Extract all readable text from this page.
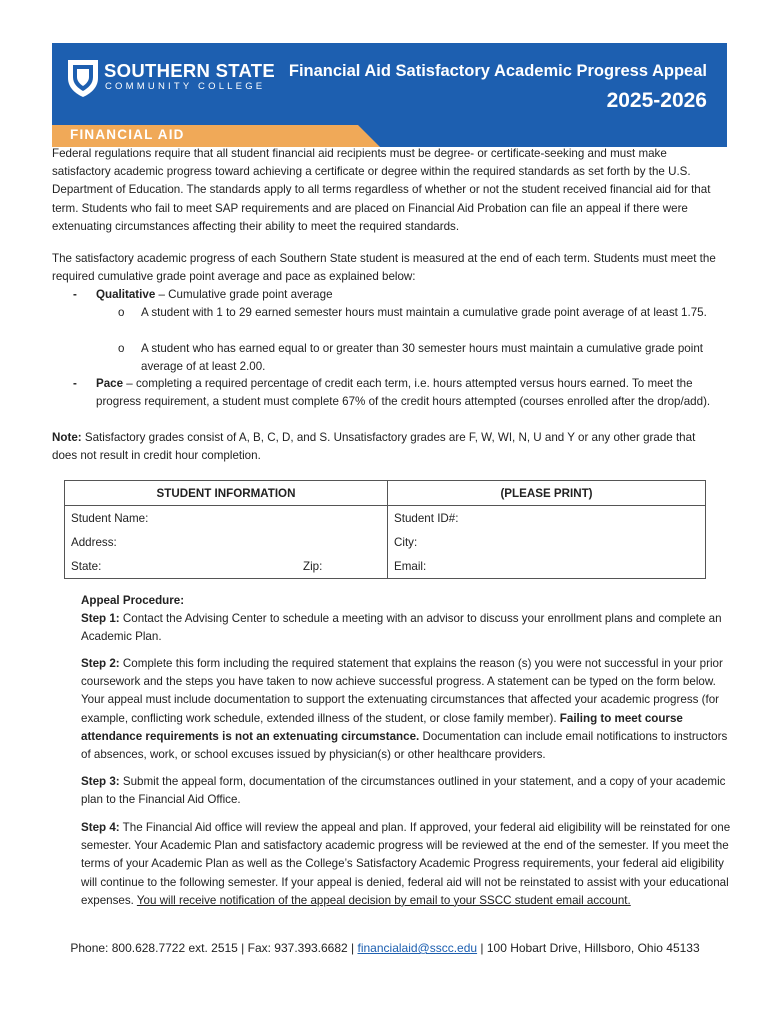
SOUTHERN STATE
COMMUNITY COLLEGE
Financial Aid Satisfactory Academic Progress Appeal
2025-2026
FINANCIAL AID

Federal regulations require that all student financial aid recipients must be degree- or certificate-seeking and must make satisfactory academic progress toward achieving a certificate or degree within the required standards as set forth by the U.S. Department of Education. The standards apply to all terms regardless of whether or not the student received financial aid for that term. Students who fail to meet SAP requirements and are placed on Financial Aid Probation can file an appeal if there were extenuating circumstances affecting their ability to meet the required standards.

The satisfactory academic progress of each Southern State student is measured at the end of each term. Students must meet the required cumulative grade point average and pace as explained below:

- Qualitative – Cumulative grade point average
o A student with 1 to 29 earned semester hours must maintain a cumulative grade point average of at least 1.75.
o A student who has earned equal to or greater than 30 semester hours must maintain a cumulative grade point average of at least 2.00.
- Pace – completing a required percentage of credit each term, i.e. hours attempted versus hours earned. To meet the progress requirement, a student must complete 67% of the credit hours attempted (courses enrolled after the drop/add).

Note: Satisfactory grades consist of A, B, C, D, and S. Unsatisfactory grades are F, W, WI, N, U and Y or any other grade that does not result in credit hour completion.

STUDENT INFORMATION		(PLEASE PRINT)
Student Name:		Student ID#:
Address:		City:
State:	Zip:	Email:

Appeal Procedure:

Step 1: Contact the Advising Center to schedule a meeting with an advisor to discuss your enrollment plans and complete an Academic Plan.

Step 2: Complete this form including the required statement that explains the reason (s) you were not successful in your prior coursework and the steps you have taken to now achieve successful progress. A statement can be typed on the form below. Your appeal must include documentation to support the extenuating circumstances that affected your academic progress (for example, conflicting work schedule, extended illness of the student, or close family member). Failing to meet course attendance requirements is not an extenuating circumstance. Documentation can include email notifications to instructors of absences, work, or school excuses issued by physician(s) or other healthcare providers.

Step 3: Submit the appeal form, documentation of the circumstances outlined in your statement, and a copy of your academic plan to the Financial Aid Office.

Step 4: The Financial Aid office will review the appeal and plan. If approved, your federal aid eligibility will be reinstated for one semester. Your Academic Plan and satisfactory academic progress will be reviewed at the end of the semester. If you meet the terms of your Academic Plan as well as the College’s Satisfactory Academic Progress requirements, your federal aid eligibility will continue to the following semester. If your appeal is denied, federal aid will not be reinstated to assist with your educational expenses. You will receive notification of the appeal decision by email to your SSCC student email account.

Phone: 800.628.7722 ext. 2515 | Fax: 937.393.6682 | financialaid@sscc.edu | 100 Hobart Drive, Hillsboro, Ohio 45133
